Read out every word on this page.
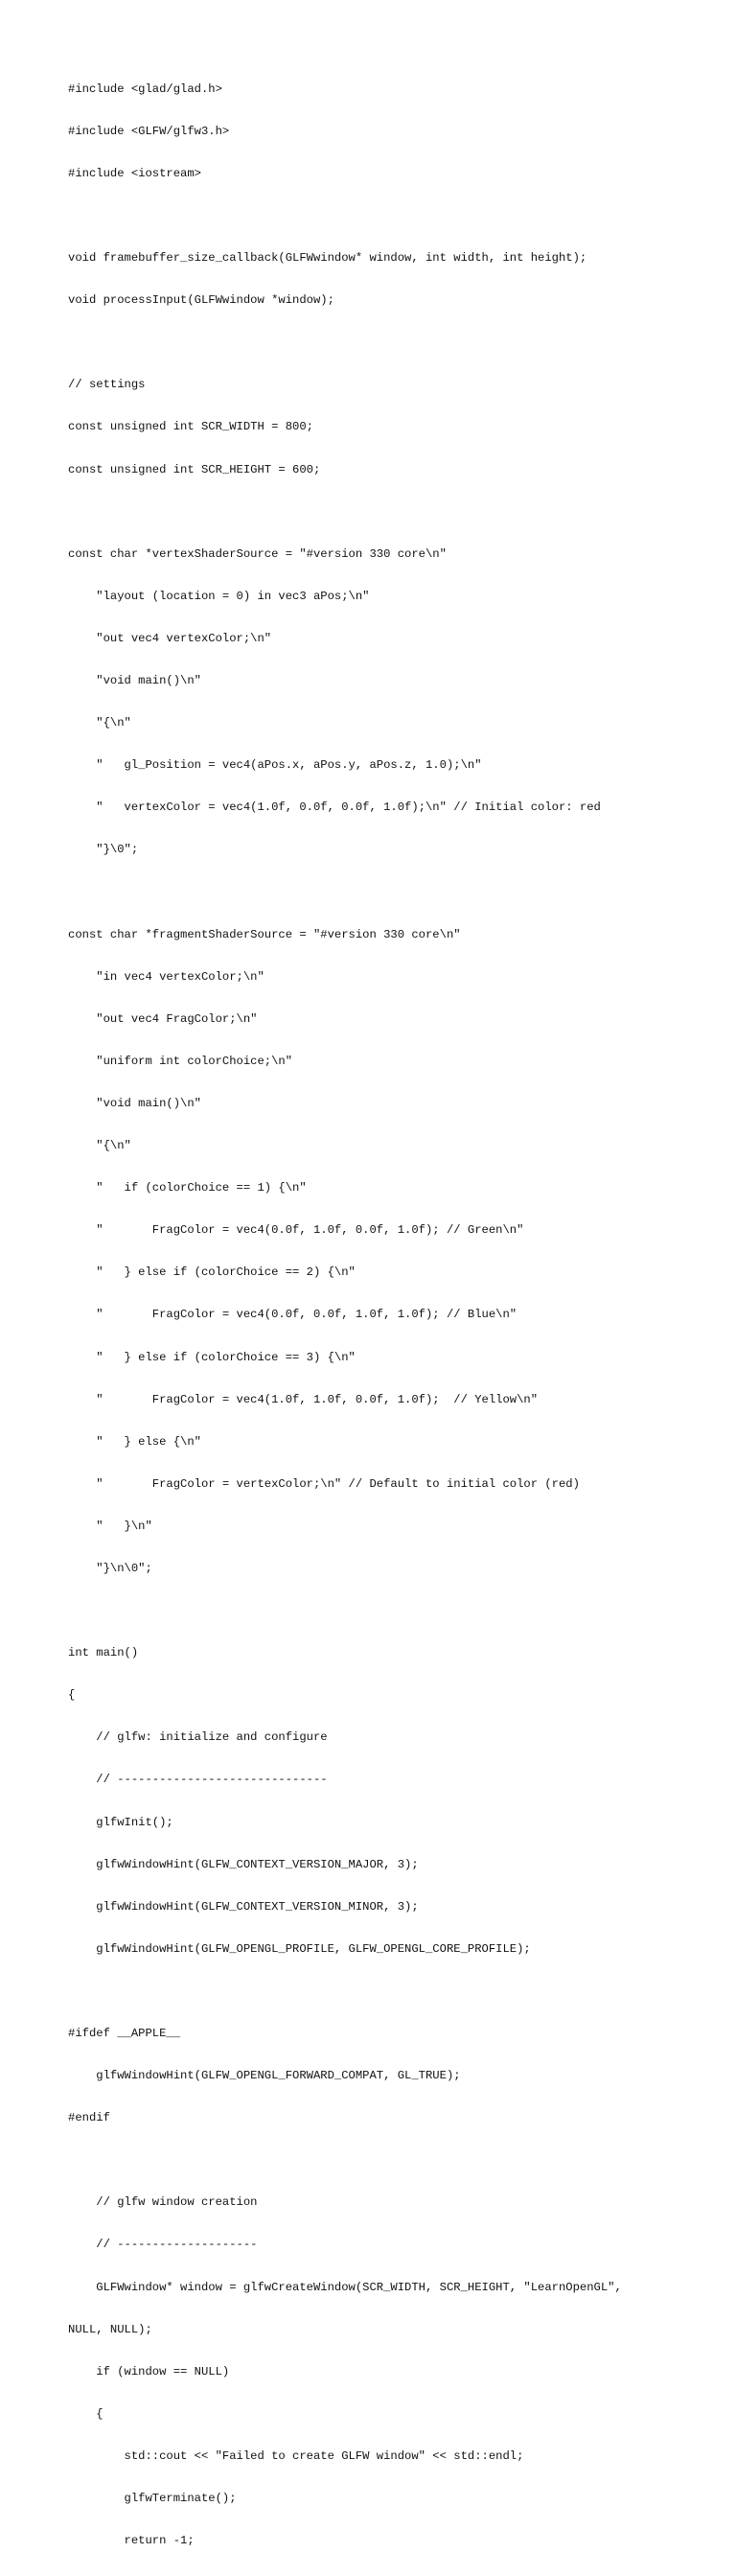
#include <glad/glad.h>

#include <GLFW/glfw3.h>

#include <iostream>

void framebuffer_size_callback(GLFWwindow* window, int width, int height);

void processInput(GLFWwindow *window);

// settings

const unsigned int SCR_WIDTH = 800;

const unsigned int SCR_HEIGHT = 600;

const char *vertexShaderSource = "#version 330 core\n"

"layout (location = 0) in vec3 aPos;\n"

"out vec4 vertexColor;\n"

"void main()\n"

"{\n"

"   gl_Position = vec4(aPos.x, aPos.y, aPos.z, 1.0);\n"

"   vertexColor = vec4(1.0f, 0.0f, 0.0f, 1.0f);\n" // Initial color: red

"}\0";

const char *fragmentShaderSource = "#version 330 core\n"

"in vec4 vertexColor;\n"

"out vec4 FragColor;\n"

"uniform int colorChoice;\n"

"void main()\n"

"{\n"

"   if (colorChoice == 1) {\n"

"       FragColor = vec4(0.0f, 1.0f, 0.0f, 1.0f); // Green\n"

"   } else if (colorChoice == 2) {\n"

"       FragColor = vec4(0.0f, 0.0f, 1.0f, 1.0f); // Blue\n"

"   } else if (colorChoice == 3) {\n"

"       FragColor = vec4(1.0f, 1.0f, 0.0f, 1.0f);  // Yellow\n"

"   } else {\n"

"       FragColor = vertexColor;\n" // Default to initial color (red)

"   }\n"

"}\n\0";

int main()

{

// glfw: initialize and configure

// ------------------------------

glfwInit();

glfwWindowHint(GLFW_CONTEXT_VERSION_MAJOR, 3);

glfwWindowHint(GLFW_CONTEXT_VERSION_MINOR, 3);

glfwWindowHint(GLFW_OPENGL_PROFILE, GLFW_OPENGL_CORE_PROFILE);

#ifdef __APPLE__

glfwWindowHint(GLFW_OPENGL_FORWARD_COMPAT, GL_TRUE);

#endif

// glfw window creation

// --------------------

GLFWwindow* window = glfwCreateWindow(SCR_WIDTH, SCR_HEIGHT, "LearnOpenGL",

NULL, NULL);

if (window == NULL)

{

std::cout << "Failed to create GLFW window" << std::endl;

glfwTerminate();

return -1;
